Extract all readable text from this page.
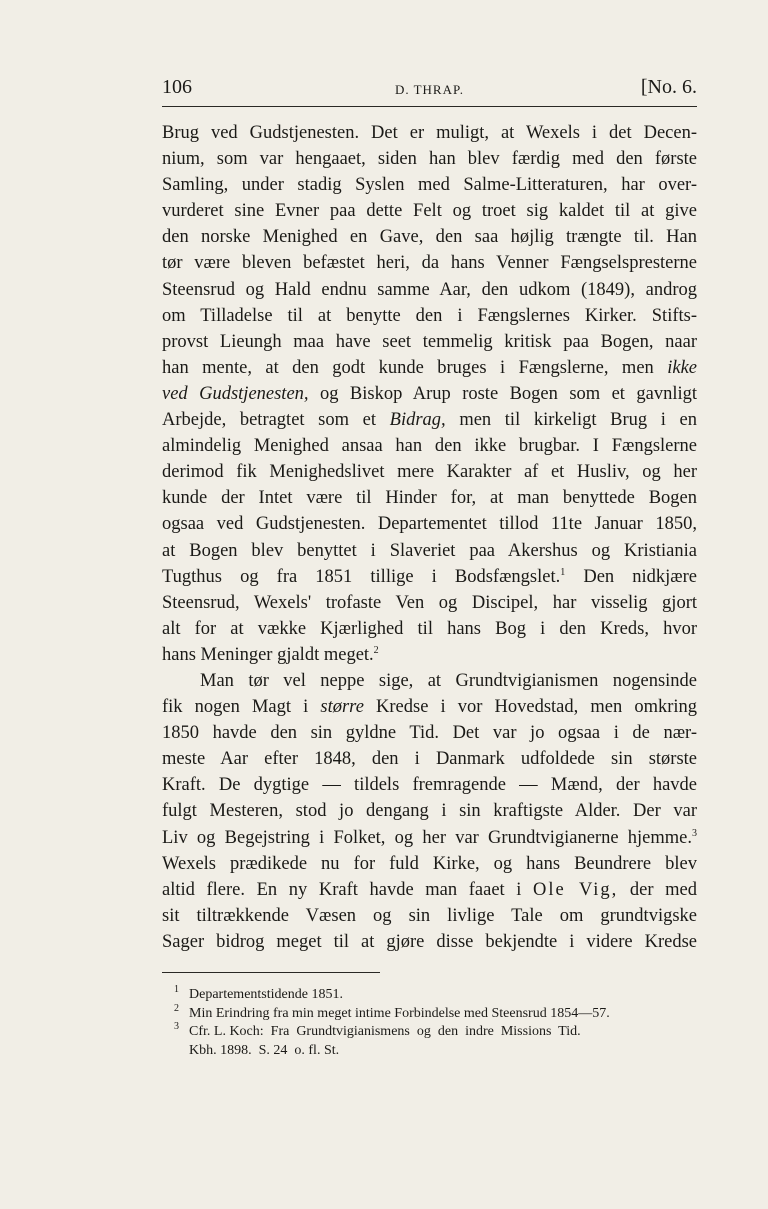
106	D. THRAP.	[No. 6.
Brug ved Gudstjenesten. Det er muligt, at Wexels i det Decen-
nium, som var hengaaet, siden han blev færdig med den første
Samling, under stadig Syslen med Salme-Litteraturen, har over-
vurderet sine Evner paa dette Felt og troet sig kaldet til at give
den norske Menighed en Gave, den saa højlig trængte til. Han
tør være bleven befæstet heri, da hans Venner Fængselspresterne
Steensrud og Hald endnu samme Aar, den udkom (1849), androg
om Tilladelse til at benytte den i Fængslernes Kirker. Stifts-
provst Lieungh maa have seet temmelig kritisk paa Bogen, naar
han mente, at den godt kunde bruges i Fængslerne, men ikke
ved Gudstjenesten, og Biskop Arup roste Bogen som et gavnligt
Arbejde, betragtet som et Bidrag, men til kirkeligt Brug i en
almindelig Menighed ansaa han den ikke brugbar. I Fængslerne
derimod fik Menighedslivet mere Karakter af et Husliv, og her
kunde der Intet være til Hinder for, at man benyttede Bogen
ogsaa ved Gudstjenesten. Departementet tillod 11te Januar 1850,
at Bogen blev benyttet i Slaveriet paa Akershus og Kristiania
Tugthus og fra 1851 tillige i Bodsfængslet.$^1$ Den nidkjære
Steensrud, Wexels' trofaste Ven og Discipel, har visselig gjort
alt for at vække Kjærlighed til hans Bog i den Kreds, hvor
hans Meninger gjaldt meget.$^2$
Man tør vel neppe sige, at Grundtvigianismen nogensinde
fik nogen Magt i større Kredse i vor Hovedstad, men omkring
1850 havde den sin gyldne Tid. Det var jo ogsaa i de nær-
meste Aar efter 1848, den i Danmark udfoldede sin største
Kraft. De dygtige — tildels fremragende — Mænd, der havde
fulgt Mesteren, stod jo dengang i sin kraftigste Alder. Der var
Liv og Begejstring i Folket, og her var Grundtvigianerne hjemme.$^3$
Wexels prædikede nu for fuld Kirke, og hans Beundrere blev
altid flere. En ny Kraft havde man faaet i Ole Vig, der med
sit tiltrækkende Væsen og sin livlige Tale om grundtvigske
Sager bidrog meget til at gjøre disse bekjendte i videre Kredse
$^1$ Departementstidende 1851.
$^2$ Min Erindring fra min meget intime Forbindelse med Steensrud 1854—57.
$^3$ Cfr. L. Koch:  Fra  Grundtvigianismens  og  den  indre  Missions  Tid.
Kbh. 1898.  S. 24  o. fl. St.
